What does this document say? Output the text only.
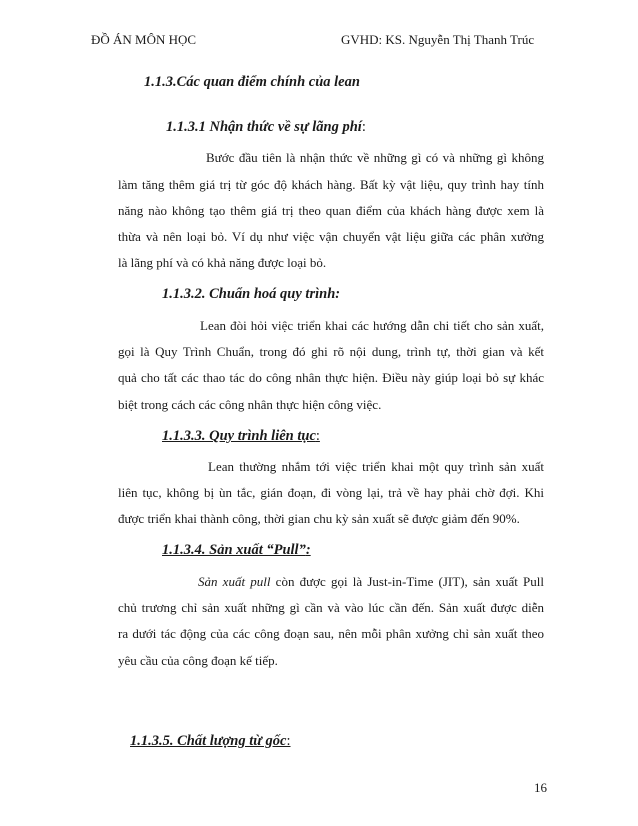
ĐỒ ÁN MÔN HỌC	GVHD: KS. Nguyễn Thị Thanh Trúc
1.1.3.Các quan điểm chính của lean
1.1.3.1 Nhận thức về sự lãng phí:
Bước đầu tiên là nhận thức về những gì có và những gì không
làm tăng thêm giá trị từ góc độ khách hàng. Bất kỳ vật liệu, quy trình hay tính
năng nào không tạo thêm giá trị theo quan điểm của khách hàng được xem là
thừa và nên loại bỏ. Ví dụ như việc vận chuyển vật liệu giữa các phân xưởng
là lãng phí và có khả năng được loại bỏ.
1.1.3.2. Chuẩn hoá quy trình:
Lean đòi hỏi việc triển khai các hướng dẫn chi tiết cho sản xuất,
gọi là Quy Trình Chuẩn, trong đó ghi rõ nội dung, trình tự, thời gian và kết
quả cho tất các thao tác do công nhân thực hiện. Điều này giúp loại bỏ sự khác
biệt trong cách các công nhân thực hiện công việc.
1.1.3.3. Quy trình liên tục:
Lean thường nhắm tới việc triển khai một quy trình sản xuất
liên tục, không bị ùn tắc, gián đoạn, đi vòng lại, trả về hay phải chờ đợi. Khi
được triển khai thành công, thời gian chu kỳ sản xuất sẽ được giảm đến 90%.
1.1.3.4. Sản xuất “Pull”:
Sản xuất pull còn được gọi là Just-in-Time (JIT), sản xuất Pull
chủ trương chỉ sản xuất những gì cần và vào lúc cần đến. Sản xuất được diễn
ra dưới tác động của các công đoạn sau, nên mỗi phân xưởng chỉ sản xuất theo
yêu cầu của công đoạn kế tiếp.
1.1.3.5. Chất lượng từ gốc:
16
